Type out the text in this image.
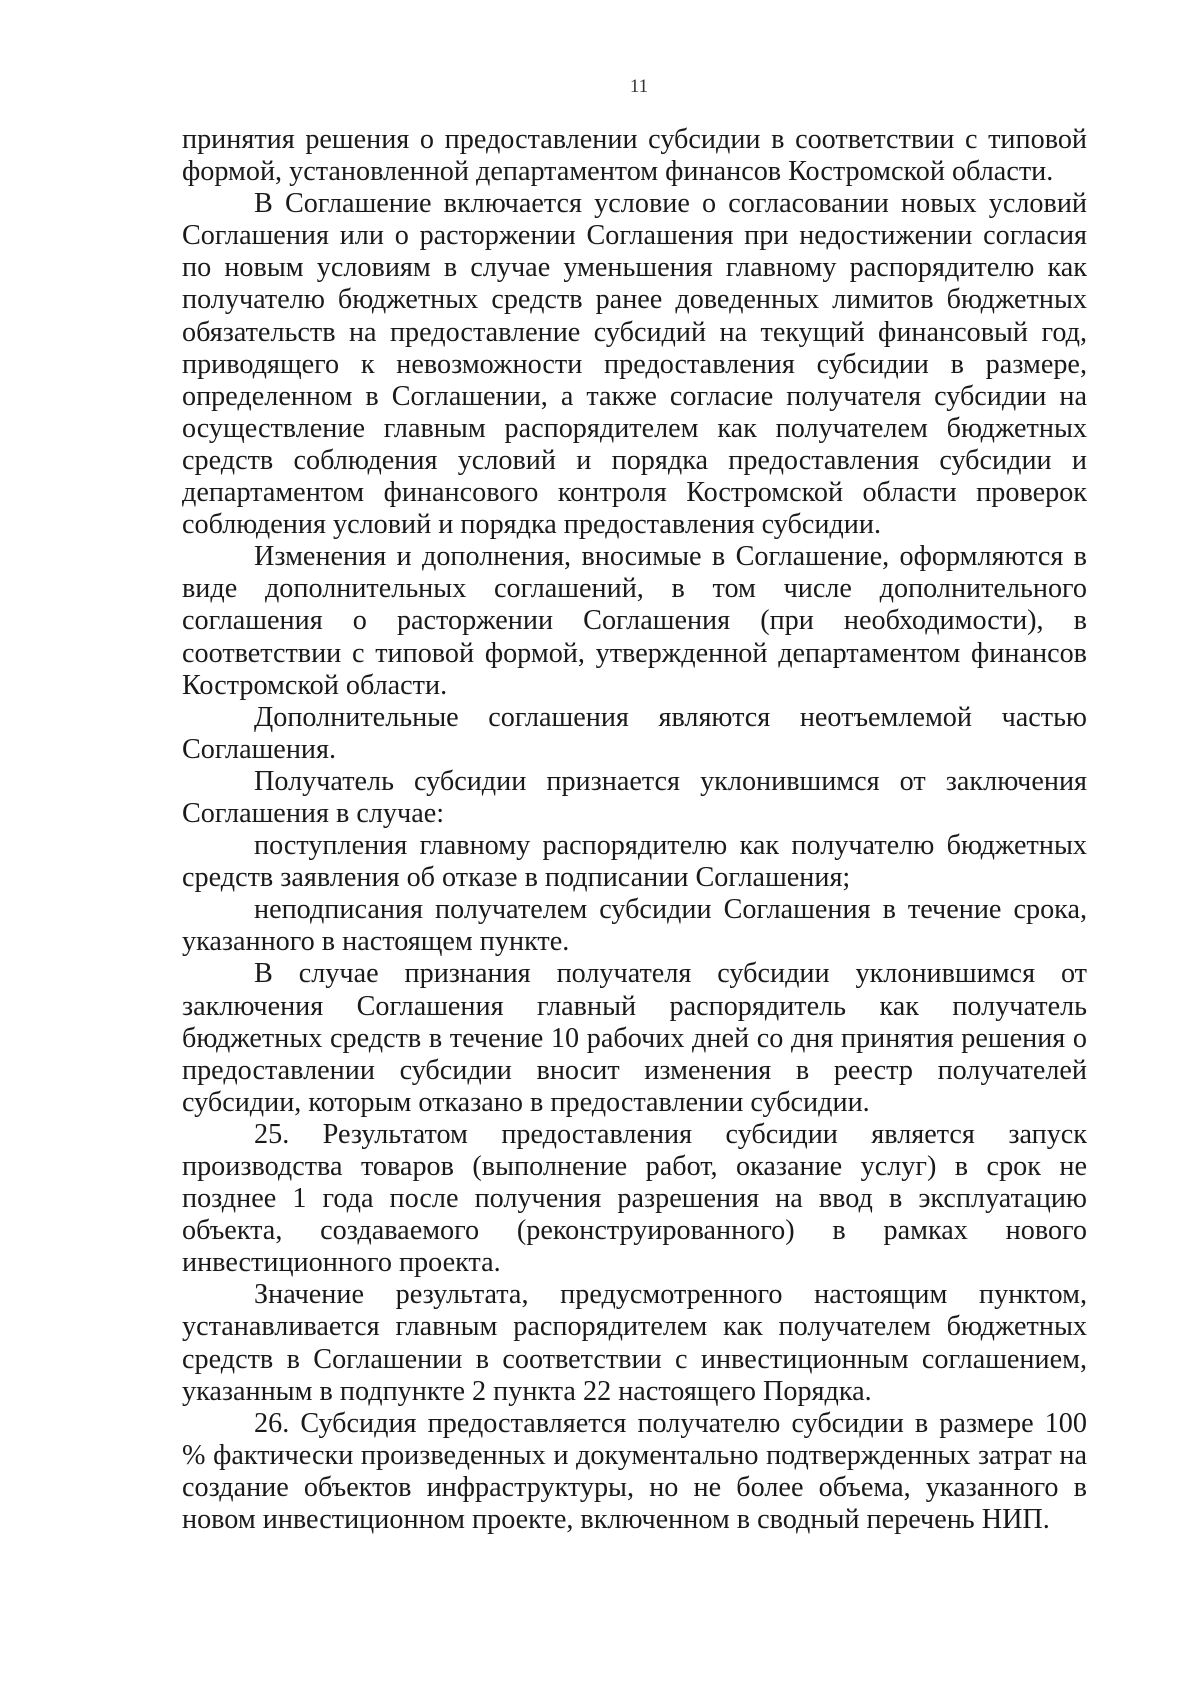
11

принятия решения о предоставлении субсидии в соответствии с типовой формой, установленной департаментом финансов Костромской области.

В Соглашение включается условие о согласовании новых условий Соглашения или о расторжении Соглашения при недостижении согласия по новым условиям в случае уменьшения главному распорядителю как получателю бюджетных средств ранее доведенных лимитов бюджетных обязательств на предоставление субсидий на текущий финансовый год, приводящего к невозможности предоставления субсидии в размере, определенном в Соглашении, а также согласие получателя субсидии на осуществление главным распорядителем как получателем бюджетных средств соблюдения условий и порядка предоставления субсидии и департаментом финансового контроля Костромской области проверок соблюдения условий и порядка предоставления субсидии.

Изменения и дополнения, вносимые в Соглашение, оформляются в виде дополнительных соглашений, в том числе дополнительного соглашения о расторжении Соглашения (при необходимости), в соответствии с типовой формой, утвержденной департаментом финансов Костромской области.

Дополнительные соглашения являются неотъемлемой частью Соглашения.

Получатель субсидии признается уклонившимся от заключения Соглашения в случае:

поступления главному распорядителю как получателю бюджетных средств заявления об отказе в подписании Соглашения;

неподписания получателем субсидии Соглашения в течение срока, указанного в настоящем пункте.

В случае признания получателя субсидии уклонившимся от заключения Соглашения главный распорядитель как получатель бюджетных средств в течение 10 рабочих дней со дня принятия решения о предоставлении субсидии вносит изменения в реестр получателей субсидии, которым отказано в предоставлении субсидии.

25. Результатом предоставления субсидии является запуск производства товаров (выполнение работ, оказание услуг) в срок не позднее 1 года после получения разрешения на ввод в эксплуатацию объекта, создаваемого (реконструированного) в рамках нового инвестиционного проекта.

Значение результата, предусмотренного настоящим пунктом, устанавливается главным распорядителем как получателем бюджетных средств в Соглашении в соответствии с инвестиционным соглашением, указанным в подпункте 2 пункта 22 настоящего Порядка.

26. Субсидия предоставляется получателю субсидии в размере 100 % фактически произведенных и документально подтвержденных затрат на создание объектов инфраструктуры, но не более объема, указанного в новом инвестиционном проекте, включенном в сводный перечень НИП.
